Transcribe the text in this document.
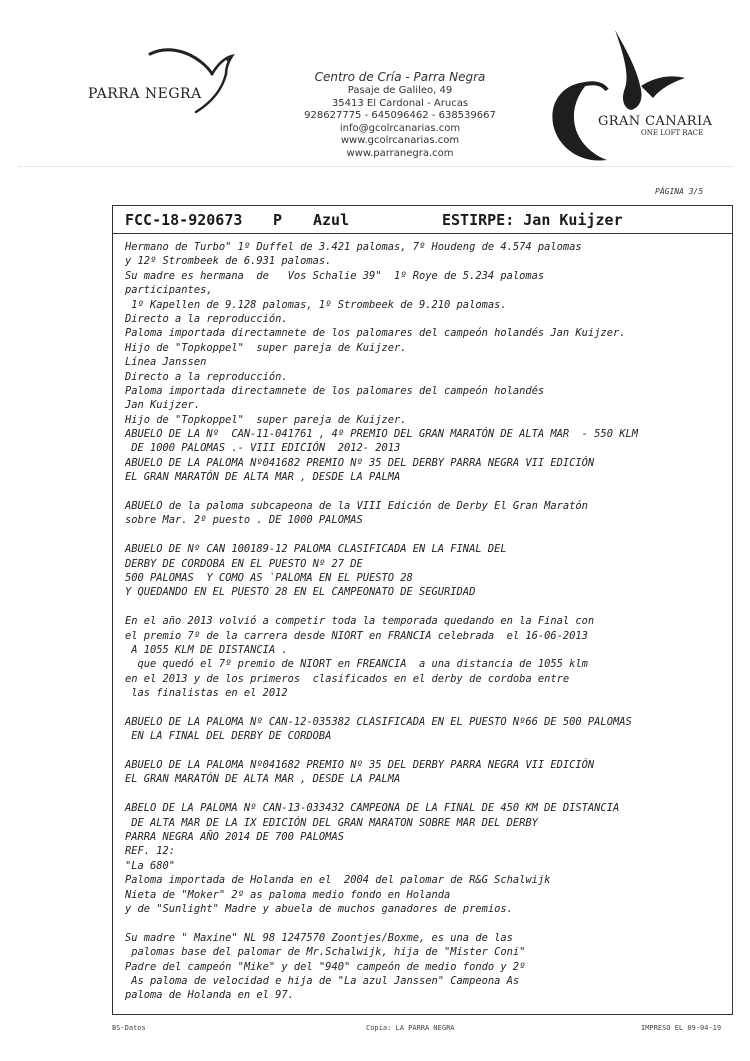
PARRA NEGRA
Centro de Cría - Parra Negra
Pasaje de Galileo, 49
35413 El Cardonal - Arucas
928627775 - 645096462 - 638539667
info@gcolrcanarias.com
www.gcolrcanarias.com
www.parranegra.com
GRAN CANARIA
ONE LOFT RACE
PÁGINA 3/5
FCC-18-920673 P Azul	ESTIRPE: Jan Kuijzer
Hermano de Turbo" 1º Duffel de 3.421 palomas, 7º Houdeng de 4.574 palomas
y 12º Strombeek de 6.931 palomas.
Su madre es hermana  de   Vos Schalie 39"  1º Roye de 5.234 palomas
participantes,
1º Kapellen de 9.128 palomas, 1º Strombeek de 9.210 palomas.
Directo a la reproducción.
Paloma importada directamnete de los palomares del campeón holandés Jan Kuijzer.
Hijo de "Topkoppel"  super pareja de Kuijzer.
Línea Janssen
Directo a la reproducción.
Paloma importada directamnete de los palomares del campeón holandés
Jan Kuijzer.
Hijo de "Topkoppel"  super pareja de Kuijzer.
ABUELO DE LA Nº  CAN-11-041761 , 4º PREMIO DEL GRAN MARATÓN DE ALTA MAR  - 550 KLM
DE 1000 PALOMAS .- VIII EDICIÓN  2012- 2013
ABUELO DE LA PALOMA Nº041682 PREMIO Nº 35 DEL DERBY PARRA NEGRA VII EDICIÓN
EL GRAN MARATÓN DE ALTA MAR , DESDE LA PALMA
ABUELO de la paloma subcapeona de la VIII Edición de Derby El Gran Maratón
sobre Mar. 2º puesto . DE 1000 PALOMAS
ABUELO DE Nº CAN 100189-12 PALOMA CLASIFICADA EN LA FINAL DEL
DERBY DE CORDOBA EN EL PUESTO Nº 27 DE
500 PALOMAS  Y COMO AS `PALOMA EN EL PUESTO 28
Y QUEDANDO EN EL PUESTO 28 EN EL CAMPEONATO DE SEGURIDAD
En el año 2013 volvió a competir toda la temporada quedando en la Final con
el premio 7º de la carrera desde NIORT en FRANCIA celebrada  el 16-06-2013
A 1055 KLM DE DISTANCIA .
que quedó el 7º premio de NIORT en FREANCIA  a una distancia de 1055 klm
en el 2013 y de los primeros  clasificados en el derby de cordoba entre
las finalistas en el 2012
ABUELO DE LA PALOMA Nº CAN-12-035382 CLASIFICADA EN EL PUESTO Nº66 DE 500 PALOMAS
EN LA FINAL DEL DERBY DE CORDOBA
ABUELO DE LA PALOMA Nº041682 PREMIO Nº 35 DEL DERBY PARRA NEGRA VII EDICIÓN
EL GRAN MARATÓN DE ALTA MAR , DESDE LA PALMA
ABELO DE LA PALOMA Nº CAN-13-033432 CAMPEONA DE LA FINAL DE 450 KM DE DISTANCIA
DE ALTA MAR DE LA IX EDICIÓN DEL GRAN MARATON SOBRE MAR DEL DERBY
PARRA NEGRA AÑO 2014 DE 700 PALOMAS
REF. 12:
"La 680"
Paloma importada de Holanda en el  2004 del palomar de R&G Schalwijk
Nieta de "Moker" 2º as paloma medio fondo en Holanda
y de "Sunlight" Madre y abuela de muchos ganadores de premios.
Su madre " Maxine" NL 98 1247570 Zoontjes/Boxme, es una de las
palomas base del palomar de Mr.Schalwijk, hija de "Mister Coni"
Padre del campeón "Mike" y del "940" campeón de medio fondo y 2º
As paloma de velocidad e hija de "La azul Janssen" Campeona As
paloma de Holanda en el 97.
BS-Datos	Copia: LA PARRA NEGRA	IMPRESO EL 09-04-19
